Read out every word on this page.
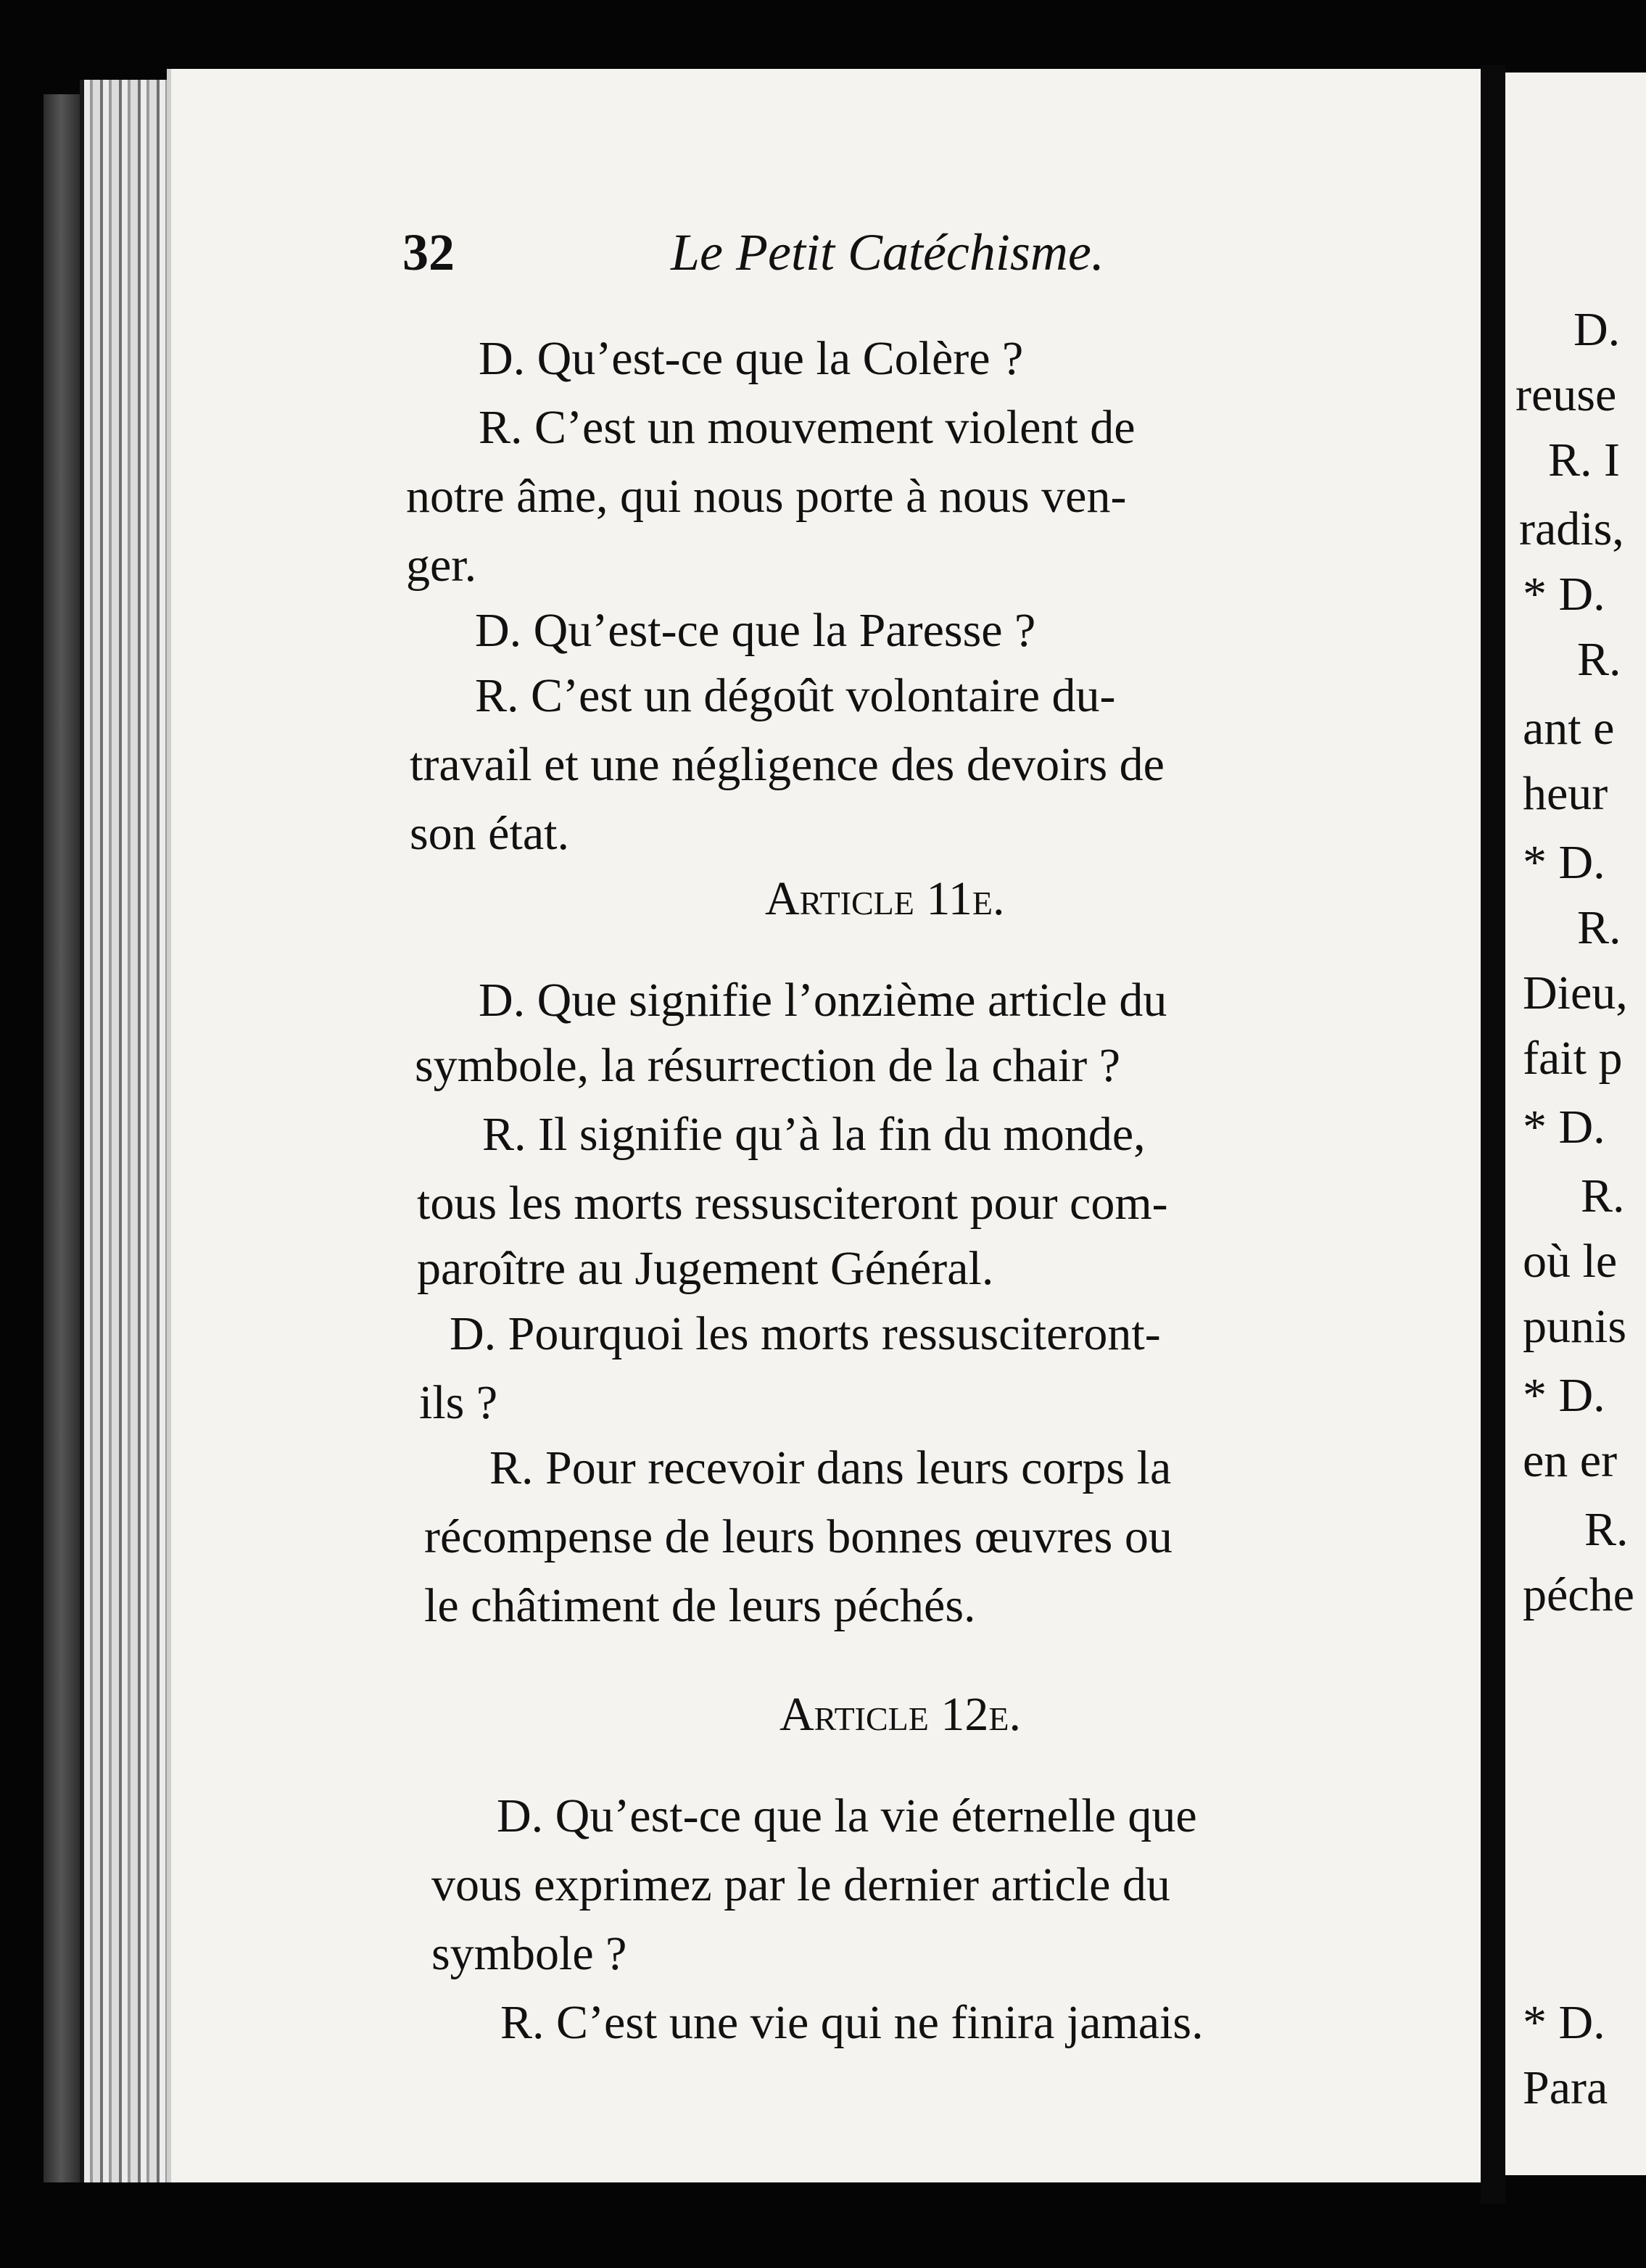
32	Le Petit Catéchisme.
D. Qu’est-ce que la Colère ?
R. C’est un mouvement violent de
notre âme, qui nous porte à nous ven-
ger.
D. Qu’est-ce que la Paresse ?
R. C’est un dégoût volontaire du-
travail et une négligence des devoirs de
son état.
Article 11e.
D. Que signifie l’onzième article du
symbole, la résurrection de la chair ?
R. Il signifie qu’à la fin du monde,
tous les morts ressusciteront pour com-
paroître au Jugement Général.
D. Pourquoi les morts ressusciteront-
ils ?
R. Pour recevoir dans leurs corps la
récompense de leurs bonnes œuvres ou
le châtiment de leurs péchés.
Article 12e.
D. Qu’est-ce que la vie éternelle que
vous exprimez par le dernier article du
symbole ?
R. C’est une vie qui ne finira jamais.
D.
reuse
R. I
radis,
* D.
R.
ant e
heur
* D.
R.
Dieu,
fait p
* D.
R.
où le
punis
* D.
en er
R.
péche
* D.
Para
